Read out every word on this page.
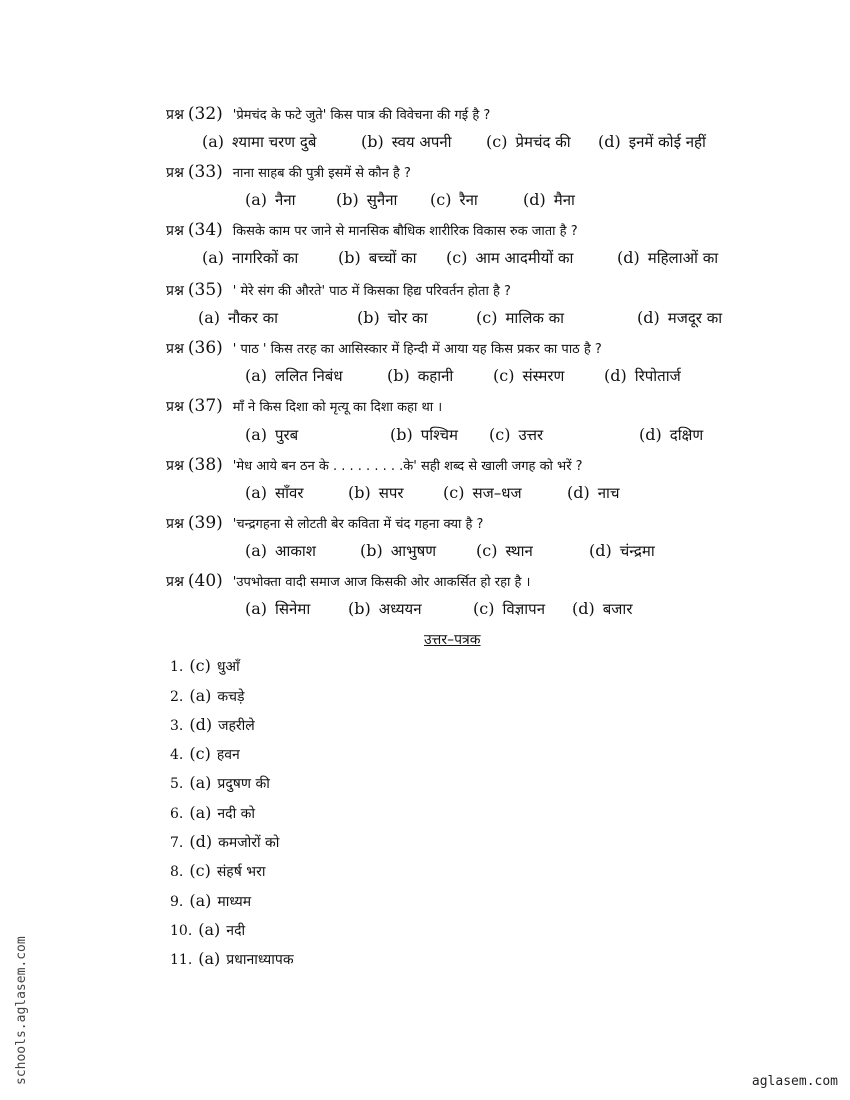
प्रश्न (32) 'प्रेमचंद के फटे जुते' किस पात्र की विवेचना की गई है ?
(a) श्यामा चरण दुबे	(b) स्वय अपनी (c) प्रेमचंद की (d) इनमें कोई नहीं
प्रश्न (33) नाना साहब की पुत्री इसमें से कौन है ?
(a) नैना	(b) सुनैना (c) रैना	(d) मैना
प्रश्न (34) किसके काम पर जाने से मानसिक बौधिक शारीरिक विकास रुक जाता है ?
(a) नागरिकों का (b) बच्चों का (c) आम आदमीयों का	(d) महिलाओं का
प्रश्न (35) ' मेरे संग की औरते' पाठ में किसका हिद्य परिवर्तन होता है ?
(a) नौकर का	(b) चोर का	(c) मालिक का	(d) मजदूर का
प्रश्न (36) ' पाठ ' किस तरह का आसिस्कार में हिन्दी में आया यह किस प्रकर का पाठ है ?
(a) ललित निबंध	(b) कहानी (c) संस्मरण (d) रिपोतार्ज
प्रश्न (37) माँ ने किस दिशा को मृत्यू का दिशा कहा था ।
(a) पुरब	(b) पश्चिम (c) उत्तर	(d) दक्षिण
प्रश्न (38) 'मेध आये बन ठन के . . . . . . . . .के' सही शब्द से खाली जगह को भरें ?
(a) सॉंवर	(b) सपर (c) सज–धज	(d) नाच
प्रश्न (39) 'चन्द्रगहना से लोटती बेर कविता में चंद गहना क्या है ?
(a) आकाश	(b) आभुषण (c) स्थान	(d) चंन्द्रमा
प्रश्न (40) 'उपभोक्ता वादी समाज आज किसकी ओर आकर्सित हो रहा है ।
(a) सिनेमा (b) अध्ययन	(c) विज्ञापन (d) बजार
उत्तर–पत्रक
1. (c) धुआँ
2. (a) कचड़े
3. (d) जहरीले
4. (c) हवन
5. (a) प्रदुषण की
6. (a) नदी को
7. (d) कमजोरों को
8. (c) संहर्ष भरा
9. (a) माध्यम
10. (a) नदी
11. (a) प्रधानाध्यापक
schools.aglasem.com	aglasem.com
